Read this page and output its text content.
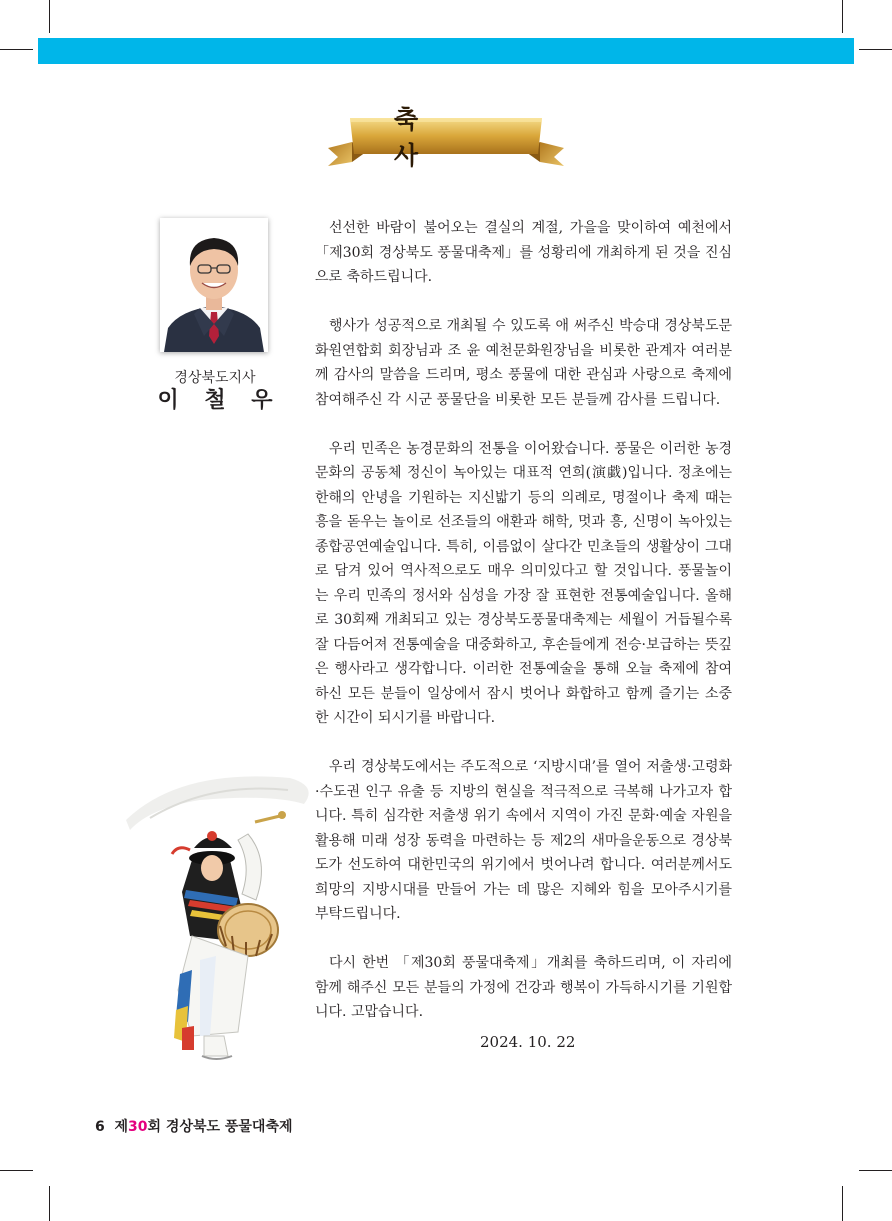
축 사
경상북도지사
이 철 우

선선한 바람이 불어오는 결실의 계절, 가을을 맞이하여 예천에서 「제30회 경상북도 풍물대축제」를 성황리에 개최하게 된 것을 진심으로 축하드립니다.

행사가 성공적으로 개최될 수 있도록 애 써주신 박승대 경상북도문화원연합회 회장님과 조 윤 예천문화원장님을 비롯한 관계자 여러분께 감사의 말씀을 드리며, 평소 풍물에 대한 관심과 사랑으로 축제에 참여해주신 각 시군 풍물단을 비롯한 모든 분들께 감사를 드립니다.

우리 민족은 농경문화의 전통을 이어왔습니다. 풍물은 이러한 농경문화의 공동체 정신이 녹아있는 대표적 연희(演戱)입니다. 정초에는 한해의 안녕을 기원하는 지신밟기 등의 의례로, 명절이나 축제 때는 흥을 돋우는 놀이로 선조들의 애환과 해학, 멋과 흥, 신명이 녹아있는 종합공연예술입니다. 특히, 이름없이 살다간 민초들의 생활상이 그대로 담겨 있어 역사적으로도 매우 의미있다고 할 것입니다. 풍물놀이는 우리 민족의 정서와 심성을 가장 잘 표현한 전통예술입니다. 올해로 30회째 개최되고 있는 경상북도풍물대축제는 세월이 거듭될수록 잘 다듬어져 전통예술을 대중화하고, 후손들에게 전승·보급하는 뜻깊은 행사라고 생각합니다. 이러한 전통예술을 통해 오늘 축제에 참여하신 모든 분들이 일상에서 잠시 벗어나 화합하고 함께 즐기는 소중한 시간이 되시기를 바랍니다.

우리 경상북도에서는 주도적으로 ‘지방시대’를 열어 저출생·고령화·수도권 인구 유출 등 지방의 현실을 적극적으로 극복해 나가고자 합니다. 특히 심각한 저출생 위기 속에서 지역이 가진 문화·예술 자원을 활용해 미래 성장 동력을 마련하는 등 제2의 새마을운동으로 경상북도가 선도하여 대한민국의 위기에서 벗어나려 합니다. 여러분께서도 희망의 지방시대를 만들어 가는 데 많은 지혜와 힘을 모아주시기를 부탁드립니다.

다시 한번 「제30회 풍물대축제」개최를 축하드리며, 이 자리에 함께 해주신 모든 분들의 가정에 건강과 행복이 가득하시기를 기원합니다. 고맙습니다.

2024. 10. 22
6 제30회 경상북도 풍물대축제
